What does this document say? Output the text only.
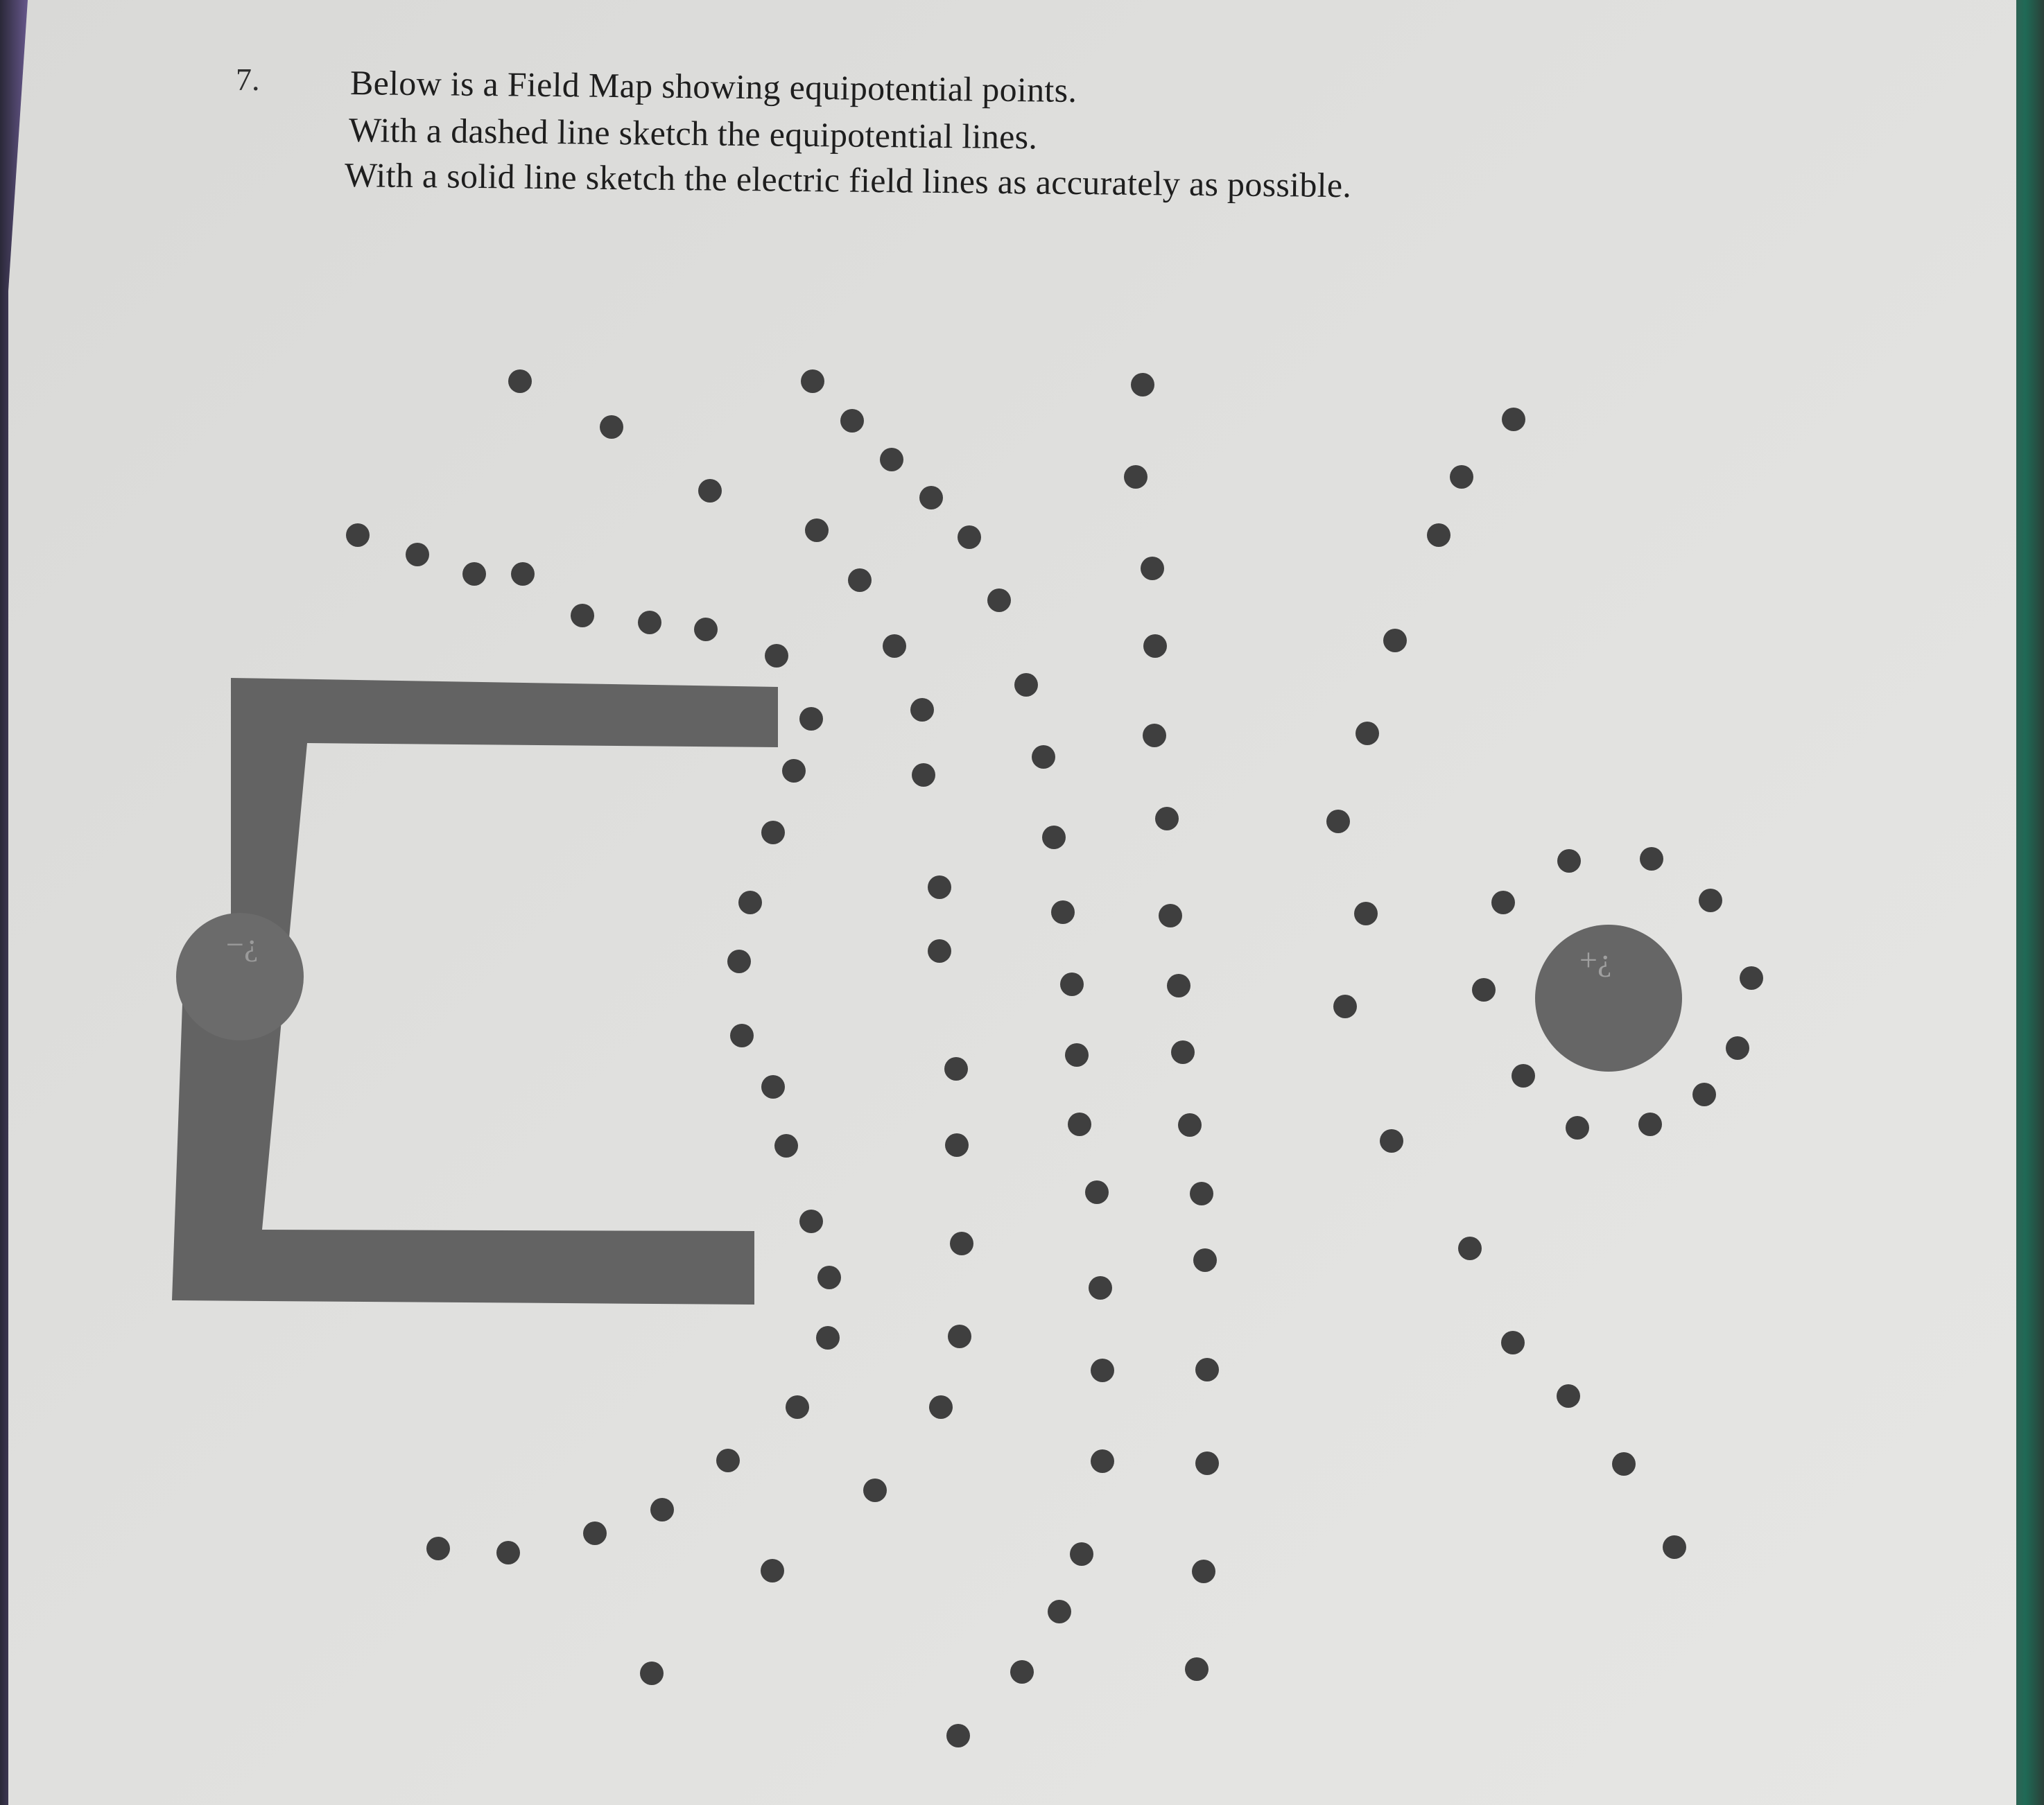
7.	Below is a Field Map showing equipotential points.
With a dashed line sketch the equipotential lines.
With a solid line sketch the electric field lines as accurately as possible.
−¿	+¿
